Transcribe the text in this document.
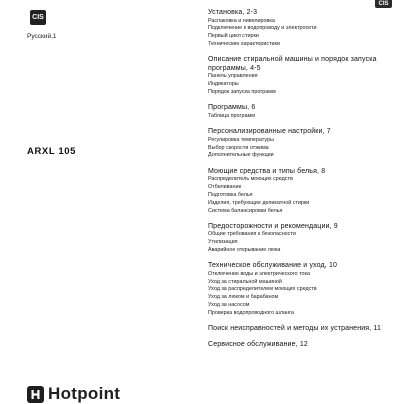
CIS
CIS
Русский,1
ARXL 105
Установка, 2-3
Распаковка и нивелировка
Подключение к водопроводу и электросети
Первый цикл стирки
Технические характеристики
Описание стиральной машины и порядок запуска программы, 4-5
Панель управления
Индикаторы
Порядок запуска программ
Программы, 6
Таблица программ
Персонализированные настройки, 7
Регулировка температуры
Выбор скорости отжима
Дополнительные функции
Моющие средства и типы белья, 8
Распределитель моющих средств
Отбеливание
Подготовка белья
Изделия, требующие деликатной стирки
Система балансировки белья
Предосторожности и рекомендации, 9
Общие требования к безопасности
Утилизация
Аварийное открывание люка
Техническое обслуживание и уход, 10
Отключение воды и электрического тока
Уход за стиральной машиной
Уход за распределителем моющих средств
Уход за люком и барабаном
Уход за насосом
Проверка водопроводного шланга
Поиск неисправностей и методы их устранения, 11
Сервисное обслуживание, 12
Hotpoint
